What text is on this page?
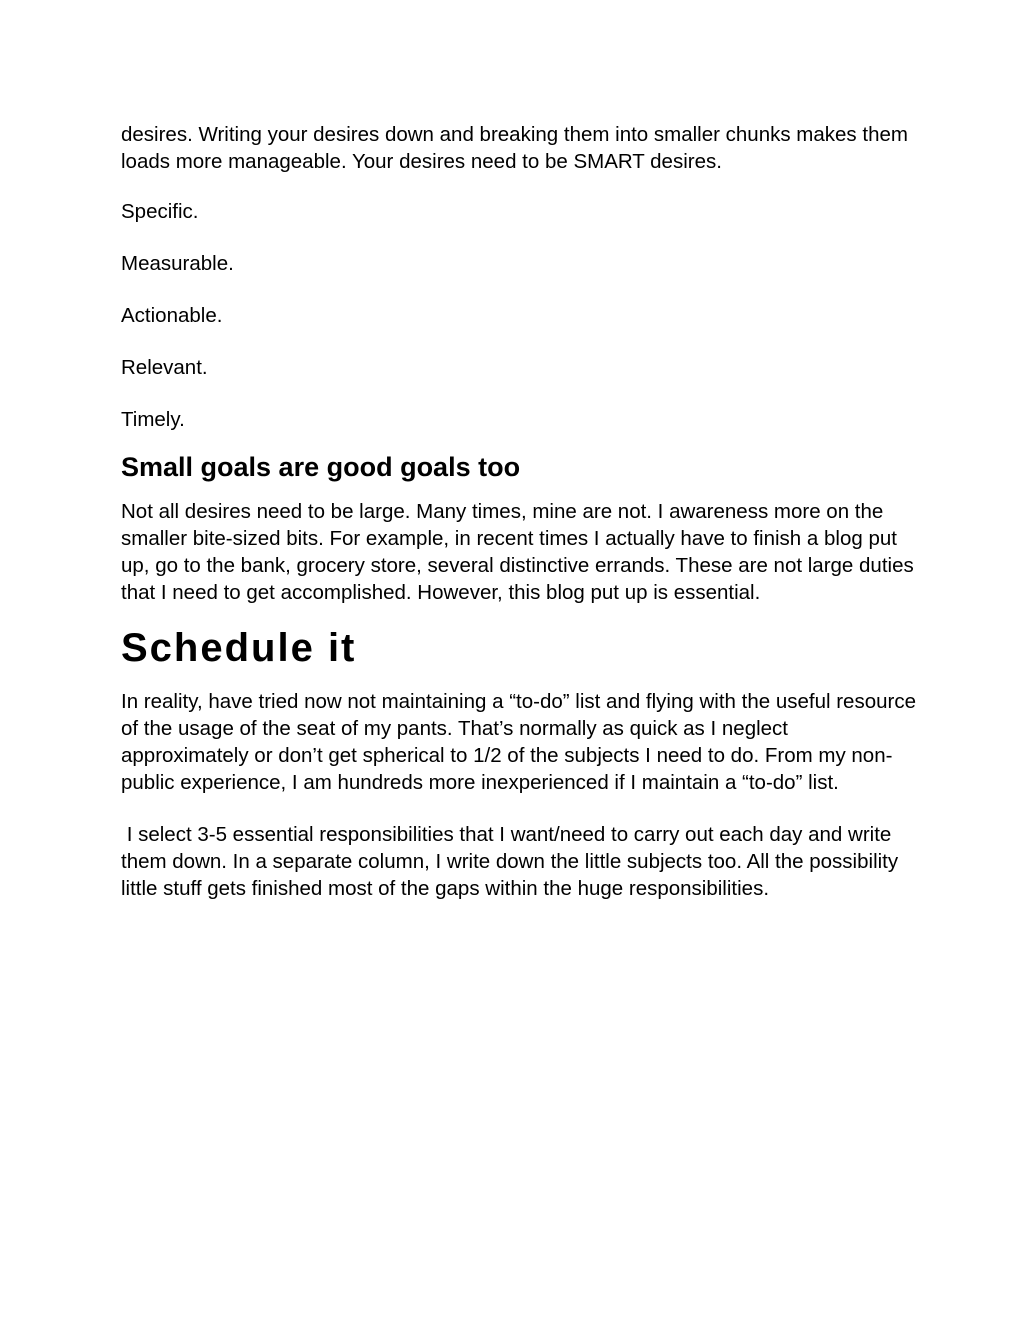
desires. Writing your desires down and breaking them into smaller chunks makes them loads more manageable. Your desires need to be SMART desires.

Specific.

Measurable.

Actionable.

Relevant.

Timely.

Small goals are good goals too

Not all desires need to be large. Many times, mine are not. I awareness more on the smaller bite-sized bits. For example, in recent times I actually have to finish a blog put up, go to the bank, grocery store, several distinctive errands. These are not large duties that I need to get accomplished. However, this blog put up is essential.

Schedule it

In reality, have tried now not maintaining a “to-do” list and flying with the useful resource of the usage of the seat of my pants. That’s normally as quick as I neglect approximately or don’t get spherical to 1/2 of the subjects I need to do. From my non-public experience, I am hundreds more inexperienced if I maintain a “to-do” list.

I select 3-5 essential responsibilities that I want/need to carry out each day and write them down. In a separate column, I write down the little subjects too. All the possibility little stuff gets finished most of the gaps within the huge responsibilities.
